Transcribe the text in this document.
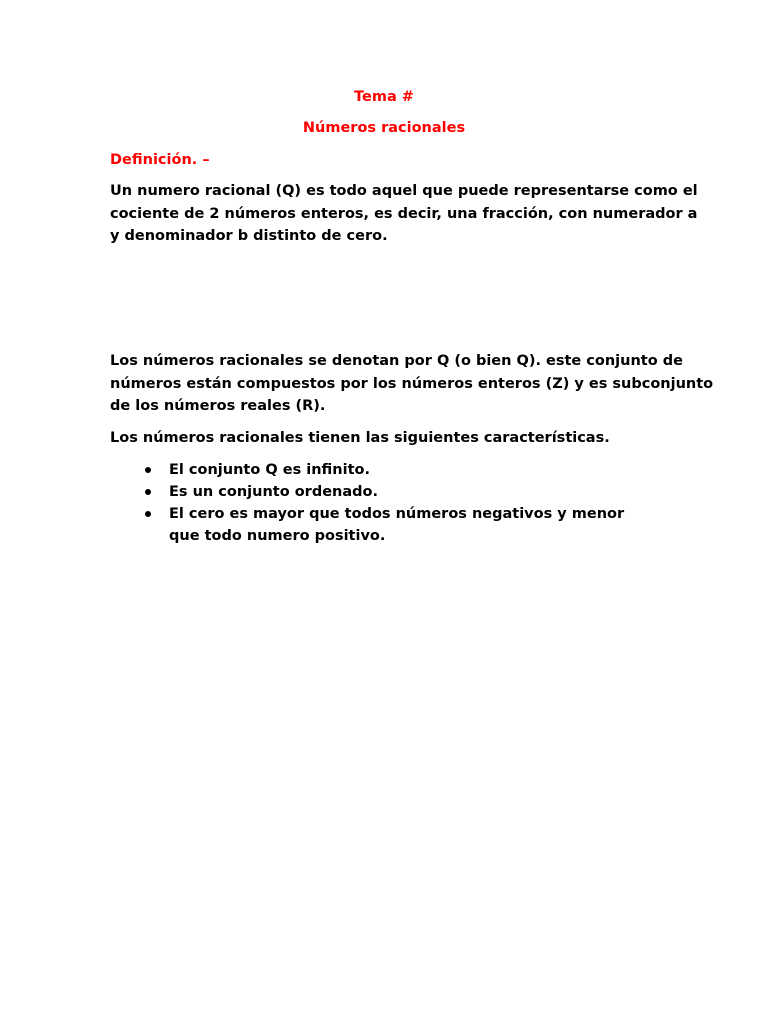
Tema #
Números racionales
Definición. –
Un numero racional (Q) es todo aquel que puede representarse como el
cociente de 2 números enteros, es decir, una fracción, con numerador a
y denominador b distinto de cero.
Los números racionales se denotan por Q (o bien Q). este conjunto de
números están compuestos por los números enteros (Z) y es subconjunto
de los números reales (R).
Los números racionales tienen las siguientes características.
El conjunto Q es infinito.
Es un conjunto ordenado.
El cero es mayor que todos números negativos y menor que todo numero positivo.
